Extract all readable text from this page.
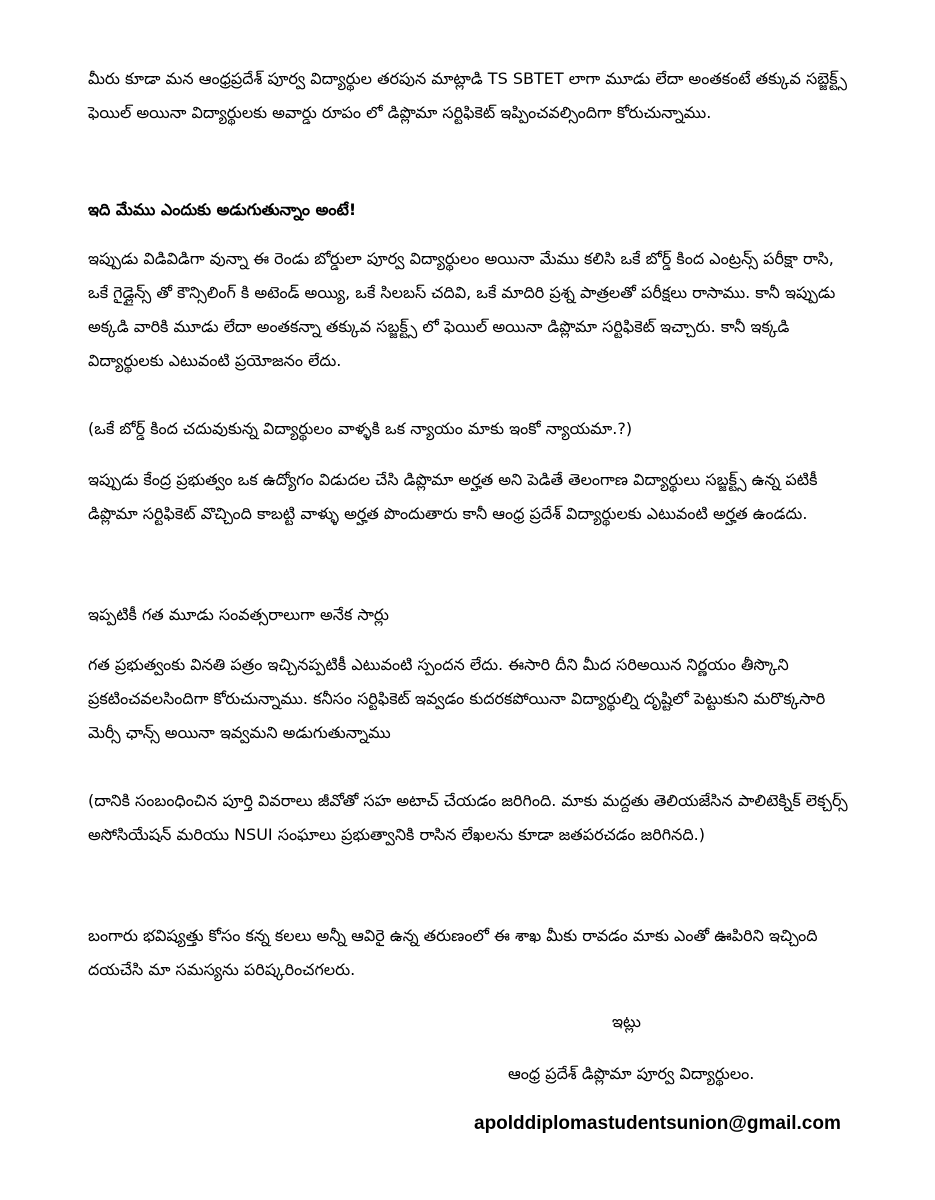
మీరు కూడా మన ఆంధ్రప్రదేశ్ పూర్వ విద్యార్థుల తరపున మాట్లాడి TS SBTET లాగా మూడు లేదా అంతకంటే తక్కువ సబ్జెక్ట్స్ ఫెయిల్ అయినా విద్యార్థులకు అవార్డు రూపం లో డిప్లొమా సర్టిఫికెట్ ఇప్పించవల్సిందిగా కోరుచున్నాము.

ఇది మేము ఎందుకు అడుగుతున్నాం అంటే!

ఇప్పుడు విడివిడిగా వున్నా ఈ రెండు బోర్డులా పూర్వ విద్యార్థులం అయినా మేము కలిసి ఒకే బోర్డ్ కింద ఎంట్రన్స్ పరీక్షా రాసి, ఒకే గైడ్లైన్స్ తో కౌన్సిలింగ్ కి అటెండ్ అయ్యి, ఒకే సిలబస్ చదివి, ఒకే మాదిరి ప్రశ్న పాత్రలతో పరీక్షలు రాసాము. కానీ ఇప్పుడు అక్కడి వారికి మూడు లేదా అంతకన్నా తక్కువ సబ్జక్ట్స్ లో ఫెయిల్ అయినా డిప్లొమా సర్టిఫికెట్ ఇచ్చారు. కానీ ఇక్కడి విద్యార్థులకు ఎటువంటి ప్రయోజనం లేదు.

(ఒకే బోర్డ్ కింద చదువుకున్న విద్యార్థులం వాళ్ళకి ఒక న్యాయం మాకు ఇంకో న్యాయమా.?)

ఇప్పుడు కేంద్ర ప్రభుత్వం ఒక ఉద్యోగం విడుదల చేసి డిప్లొమా అర్హత అని పెడితే తెలంగాణ విద్యార్థులు సబ్జక్ట్స్ ఉన్న పటికీ డిప్లొమా సర్టిఫికెట్ వొచ్చింది కాబట్టి వాళ్ళు అర్హత పొందుతారు కానీ ఆంధ్ర ప్రదేశ్ విద్యార్థులకు ఎటువంటి అర్హత ఉండదు.

ఇప్పటికీ గత మూడు సంవత్సరాలుగా అనేక సార్లు

గత ప్రభుత్వంకు వినతి పత్రం ఇచ్చినప్పటికీ ఎటువంటి స్పందన లేదు. ఈసారి దీని మీద సరిఅయిన నిర్ణయం తీస్కొని ప్రకటించవలసిందిగా కోరుచున్నాము. కనీసం సర్టిఫికెట్ ఇవ్వడం కుదరకపోయినా విద్యార్థుల్ని దృష్టిలో పెట్టుకుని మరొక్కసారి మెర్సీ ఛాన్స్ అయినా ఇవ్వమని అడుగుతున్నాము

(దానికి సంబంధించిన పూర్తి వివరాలు జీవోతో సహ అటాచ్ చేయడం జరిగింది. మాకు మద్దతు తెలియజేసిన పాలిటెక్నిక్ లెక్చర్స్ అసోసియేషన్ మరియు NSUI సంఘాలు ప్రభుత్వానికి రాసిన లేఖలను కూడా జతపరచడం జరిగినది.)

బంగారు భవిష్యత్తు కోసం కన్న కలలు అన్నీ ఆవిరై ఉన్న తరుణంలో ఈ శాఖ మీకు రావడం మాకు ఎంతో ఊపిరిని ఇచ్చింది దయచేసి మా సమస్యను పరిష్కరించగలరు.

ఇట్లు
ఆంధ్ర ప్రదేశ్ డిప్లొమా పూర్వ విద్యార్థులం.
apolddiplomastudentsunion@gmail.com
